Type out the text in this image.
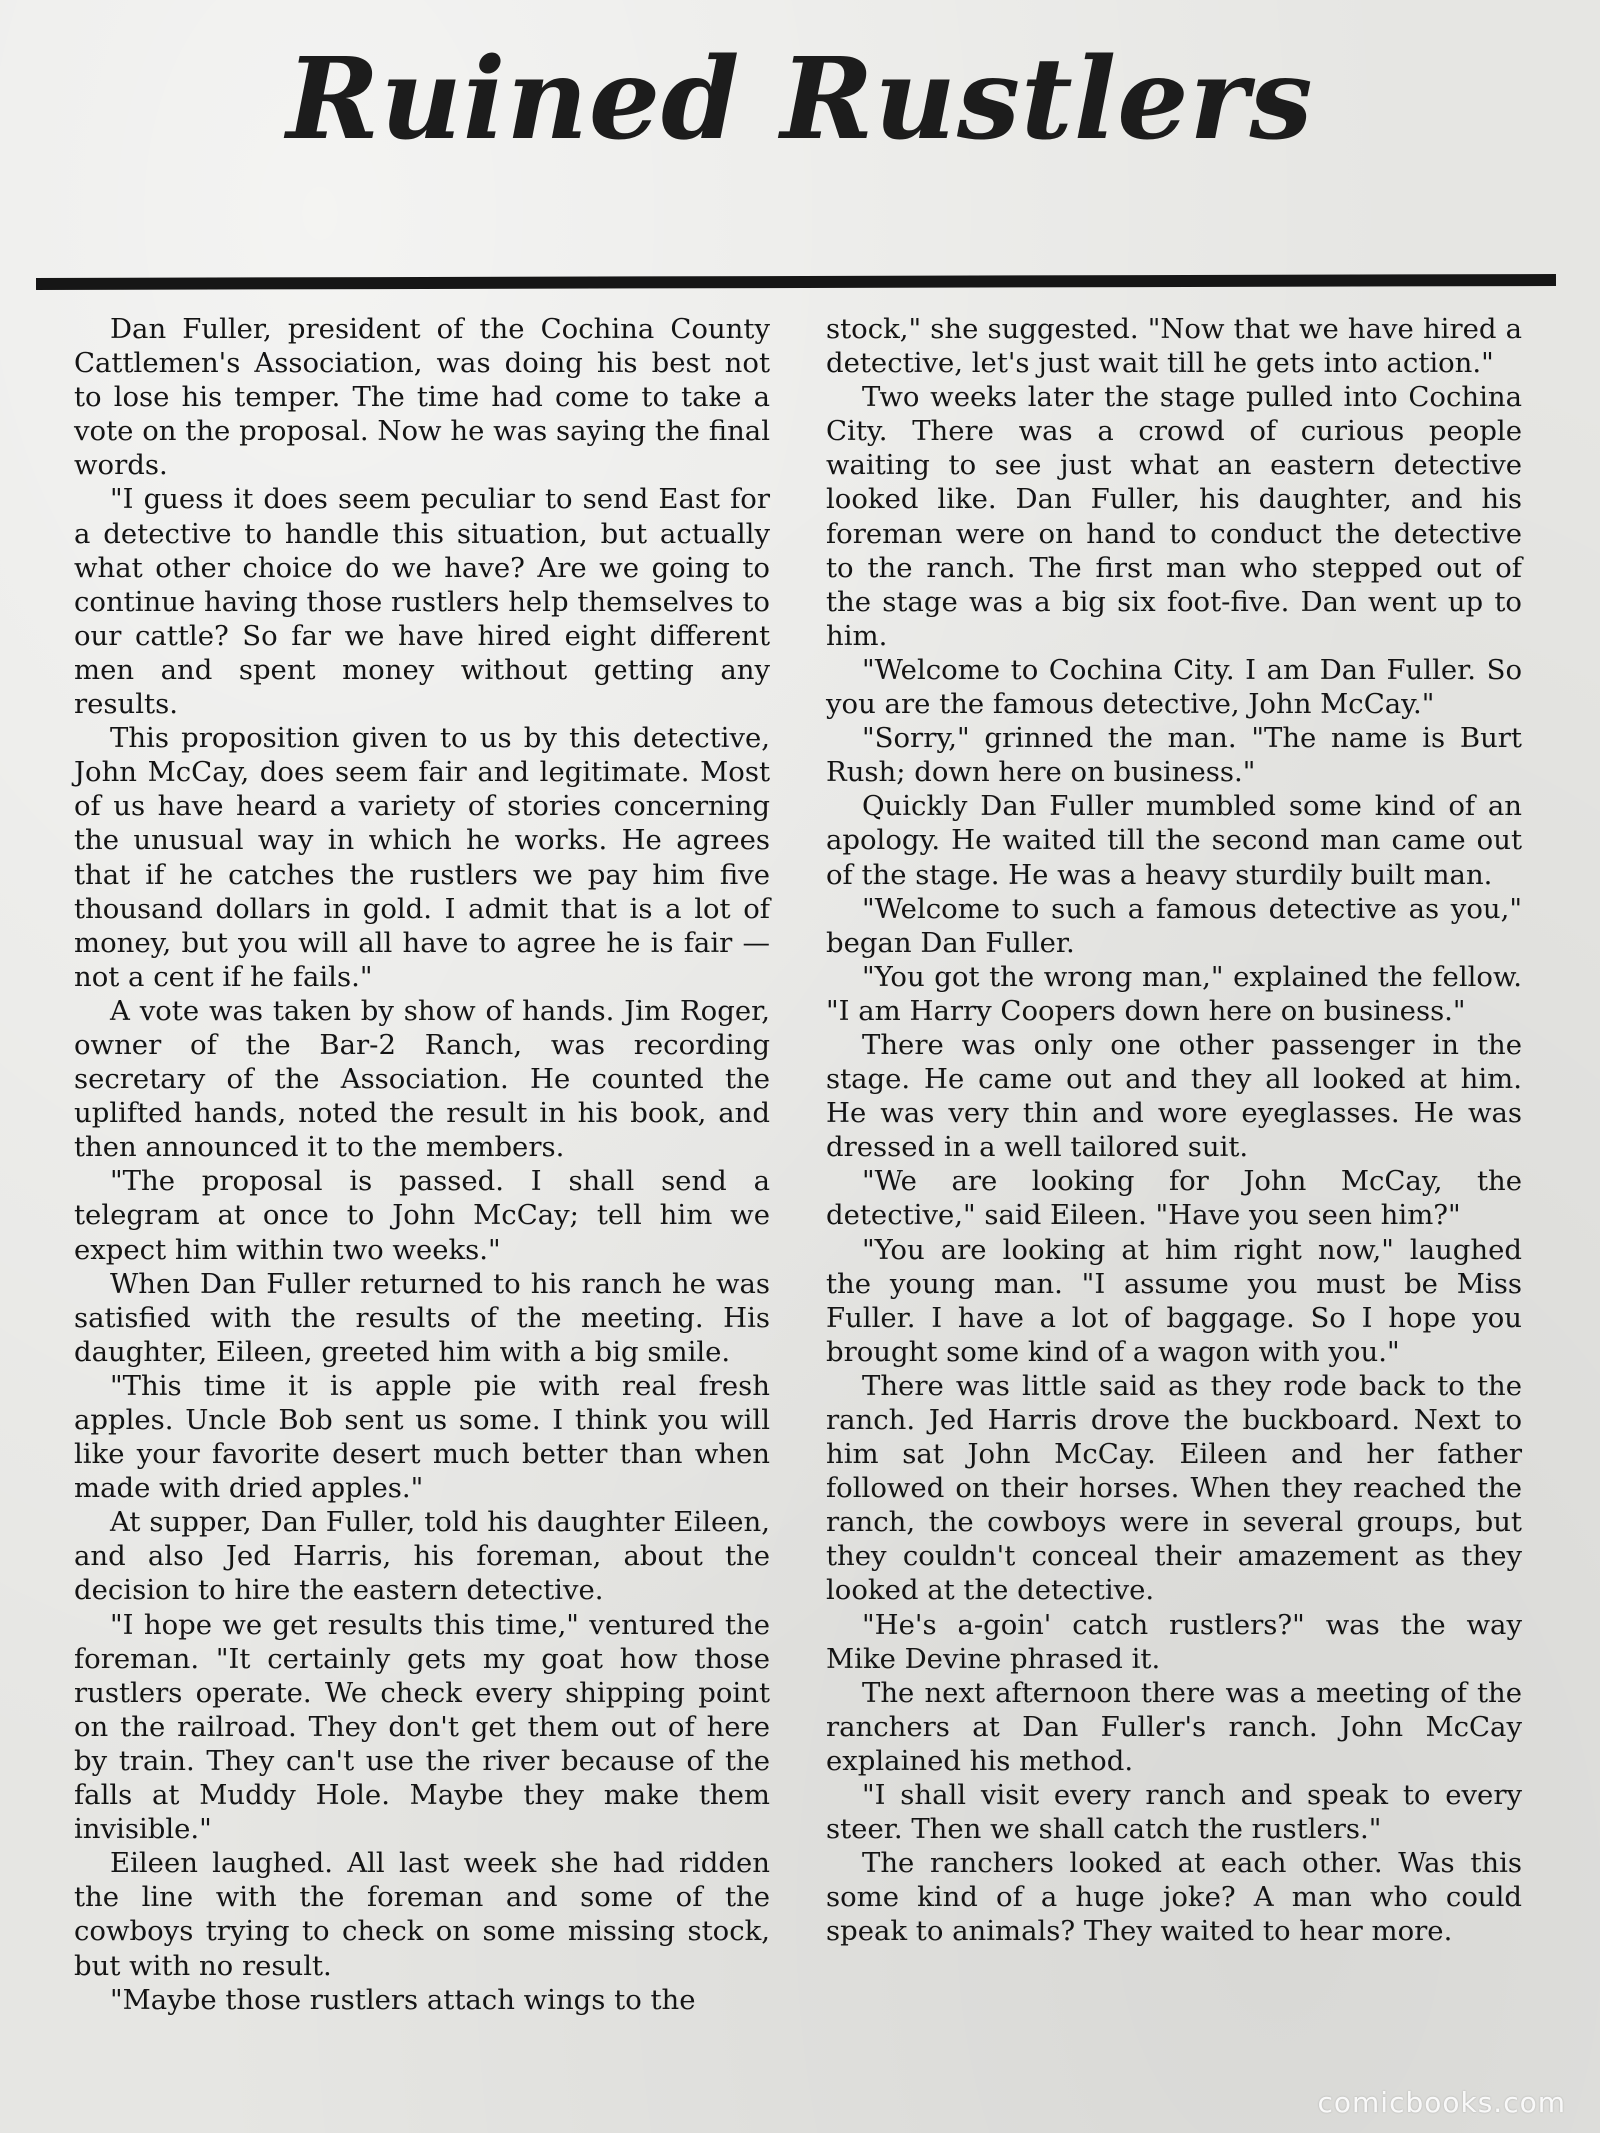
Ruined Rustlers

Dan Fuller, president of the Cochina County Cattlemen's Association, was doing his best not to lose his temper. The time had come to take a vote on the proposal. Now he was saying the final words.

"I guess it does seem peculiar to send East for a detective to handle this situation, but actually what other choice do we have? Are we going to continue having those rustlers help themselves to our cattle? So far we have hired eight different men and spent money without getting any results.

This proposition given to us by this detective, John McCay, does seem fair and legitimate. Most of us have heard a variety of stories concerning the unusual way in which he works. He agrees that if he catches the rustlers we pay him five thousand dollars in gold. I admit that is a lot of money, but you will all have to agree he is fair — not a cent if he fails."

A vote was taken by show of hands. Jim Roger, owner of the Bar-2 Ranch, was recording secretary of the Association. He counted the uplifted hands, noted the result in his book, and then announced it to the members.

"The proposal is passed. I shall send a telegram at once to John McCay; tell him we expect him within two weeks."

When Dan Fuller returned to his ranch he was satisfied with the results of the meeting. His daughter, Eileen, greeted him with a big smile.

"This time it is apple pie with real fresh apples. Uncle Bob sent us some. I think you will like your favorite desert much better than when made with dried apples."

At supper, Dan Fuller, told his daughter Eileen, and also Jed Harris, his foreman, about the decision to hire the eastern detective.

"I hope we get results this time," ventured the foreman. "It certainly gets my goat how those rustlers operate. We check every shipping point on the railroad. They don't get them out of here by train. They can't use the river because of the falls at Muddy Hole. Maybe they make them invisible."

Eileen laughed. All last week she had ridden the line with the foreman and some of the cowboys trying to check on some missing stock, but with no result.

"Maybe those rustlers attach wings to the

stock," she suggested. "Now that we have hired a detective, let's just wait till he gets into action."

Two weeks later the stage pulled into Cochina City. There was a crowd of curious people waiting to see just what an eastern detective looked like. Dan Fuller, his daughter, and his foreman were on hand to conduct the detective to the ranch. The first man who stepped out of the stage was a big six foot-five. Dan went up to him.

"Welcome to Cochina City. I am Dan Fuller. So you are the famous detective, John McCay."

"Sorry," grinned the man. "The name is Burt Rush; down here on business."

Quickly Dan Fuller mumbled some kind of an apology. He waited till the second man came out of the stage. He was a heavy sturdily built man.

"Welcome to such a famous detective as you," began Dan Fuller.

"You got the wrong man," explained the fellow. "I am Harry Coopers down here on business."

There was only one other passenger in the stage. He came out and they all looked at him. He was very thin and wore eyeglasses. He was dressed in a well tailored suit.

"We are looking for John McCay, the detective," said Eileen. "Have you seen him?"

"You are looking at him right now," laughed the young man. "I assume you must be Miss Fuller. I have a lot of baggage. So I hope you brought some kind of a wagon with you."

There was little said as they rode back to the ranch. Jed Harris drove the buckboard. Next to him sat John McCay. Eileen and her father followed on their horses. When they reached the ranch, the cowboys were in several groups, but they couldn't conceal their amazement as they looked at the detective.

"He's a-goin' catch rustlers?" was the way Mike Devine phrased it.

The next afternoon there was a meeting of the ranchers at Dan Fuller's ranch. John McCay explained his method.

"I shall visit every ranch and speak to every steer. Then we shall catch the rustlers."

The ranchers looked at each other. Was this some kind of a huge joke? A man who could speak to animals? They waited to hear more.

comicbooks.com
